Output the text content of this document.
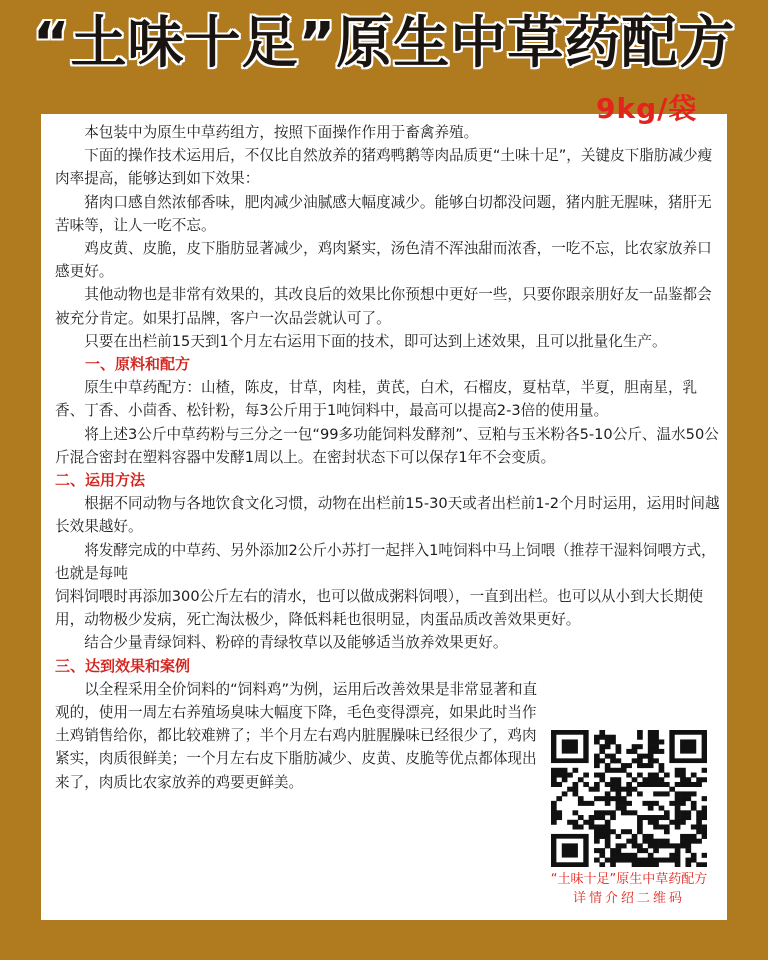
“土味十足”原生中草药配方
9kg/袋

本包装中为原生中草药组方，按照下面操作作用于畜禽养殖。

下面的操作技术运用后，不仅比自然放养的猪鸡鸭鹅等肉品质更“土味十足”，关键皮下脂肪减少瘦肉率提高，能够达到如下效果：

猪肉口感自然浓郁香味，肥肉减少油腻感大幅度减少。能够白切都没问题，猪内脏无腥味，猪肝无苦味等，让人一吃不忘。

鸡皮黄、皮脆，皮下脂肪显著减少，鸡肉紧实，汤色清不浑浊甜而浓香，一吃不忘，比农家放养口感更好。

其他动物也是非常有效果的，其改良后的效果比你预想中更好一些，只要你跟亲朋好友一品鉴都会被充分肯定。如果打品牌，客户一次品尝就认可了。

只要在出栏前15天到1个月左右运用下面的技术，即可达到上述效果，且可以批量化生产。

一、原料和配方

原生中草药配方：山楂，陈皮，甘草，肉桂，黄芪，白术，石榴皮，夏枯草，半夏，胆南星，乳香、丁香、小茴香、松针粉，每3公斤用于1吨饲料中，最高可以提高2-3倍的使用量。

将上述3公斤中草药粉与三分之一包“99多功能饲料发酵剂”、豆粕与玉米粉各5-10公斤、温水50公斤混合密封在塑料容器中发酵1周以上。在密封状态下可以保存1年不会变质。

二、运用方法

根据不同动物与各地饮食文化习惯，动物在出栏前15-30天或者出栏前1-2个月时运用，运用时间越长效果越好。

将发酵完成的中草药、另外添加2公斤小苏打一起拌入1吨饲料中马上饲喂（推荐干湿料饲喂方式，也就是每吨

饲料饲喂时再添加300公斤左右的清水，也可以做成粥料饲喂），一直到出栏。也可以从小到大长期使用，动物极少发病，死亡淘汰极少，降低料耗也很明显，肉蛋品质改善效果更好。

结合少量青绿饲料、粉碎的青绿牧草以及能够适当放养效果更好。

三、达到效果和案例

以全程采用全价饲料的“饲料鸡”为例，运用后改善效果是非常显著和直观的，使用一周左右养殖场臭味大幅度下降，毛色变得漂亮，如果此时当作土鸡销售给你，都比较难辨了；半个月左右鸡内脏腥臊味已经很少了，鸡肉紧实，肉质很鲜美；一个月左右皮下脂肪减少、皮黄、皮脆等优点都体现出来了，肉质比农家放养的鸡要更鲜美。

“土味十足”原生中草药配方
详情介绍二维码
